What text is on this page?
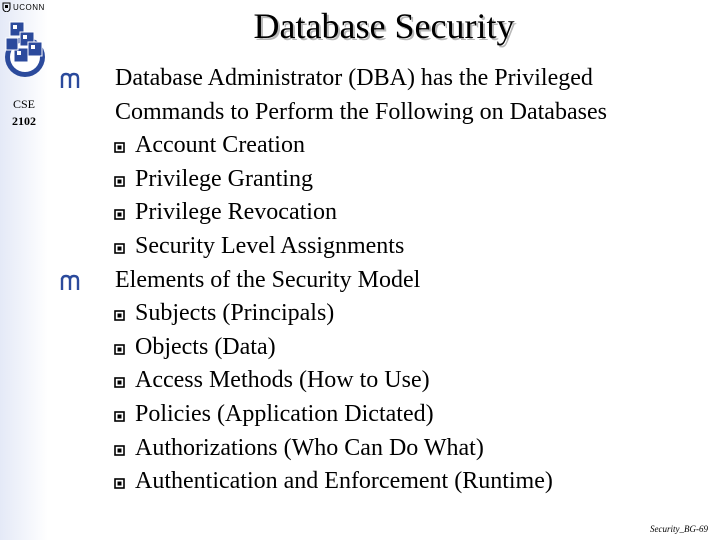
UCONN
CSE
2102
Database Security
Database Administrator (DBA) has the Privileged
Commands to Perform the Following on Databases
Account Creation
Privilege Granting
Privilege Revocation
Security Level Assignments
Elements of the Security Model
Subjects (Principals)
Objects (Data)
Access Methods (How to Use)
Policies (Application Dictated)
Authorizations (Who Can Do What)
Authentication and Enforcement (Runtime)
Security_BG-69
